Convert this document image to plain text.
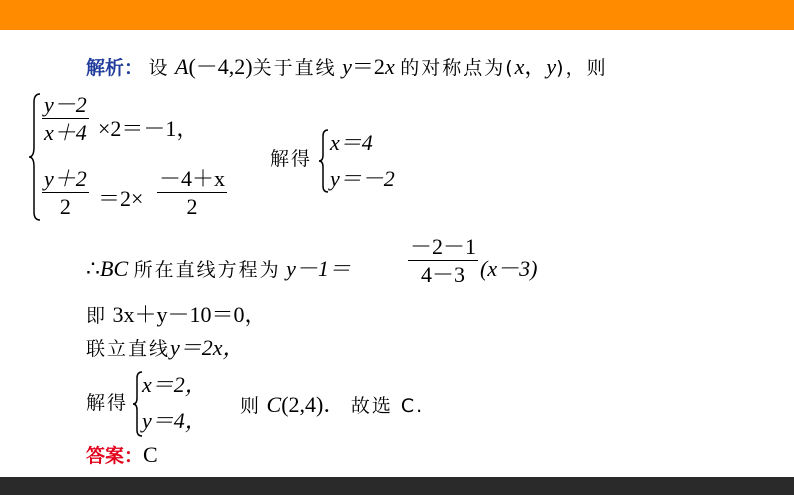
解析： 设 A(－4,2)关于直线 y＝2x 的对称点为(x，y)，则
$\frac{y-2}{x+4} \times 2=-1$，
$\frac{y+2}{2} =2\times \frac{-4+x}{2}$
解得
x＝4
y＝－2
∴BC 所在直线方程为 y－1＝	$\frac{-2-1}{4-3} (x-3)$
即 3x＋y－10＝0，
联立直线y＝2x，
解得
x＝2，
y＝4，
则 C(2,4)． 故选 C.
答案：C
